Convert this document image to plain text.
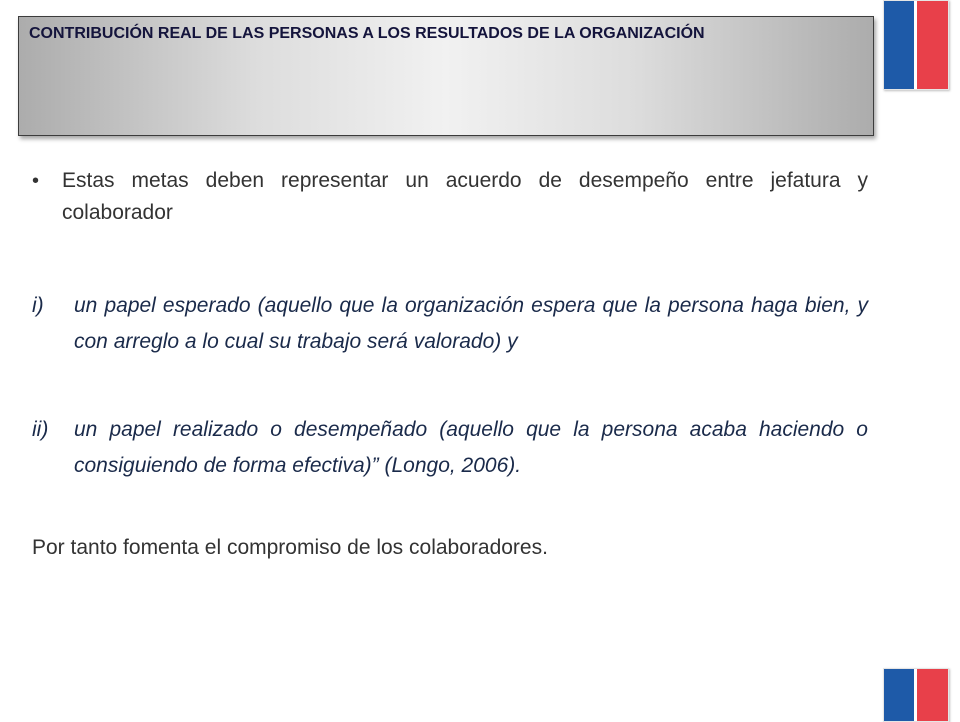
CONTRIBUCIÓN REAL DE LAS PERSONAS A LOS RESULTADOS DE LA ORGANIZACIÓN
•	Estas metas deben representar un acuerdo de desempeño entre jefatura y colaborador
i)	un papel esperado (aquello que la organización espera que la persona haga bien, y con arreglo a lo cual su trabajo será valorado) y
ii)	un papel realizado o desempeñado (aquello que la persona acaba haciendo o consiguiendo de forma efectiva)” (Longo, 2006).
Por tanto fomenta el compromiso de los colaboradores.
